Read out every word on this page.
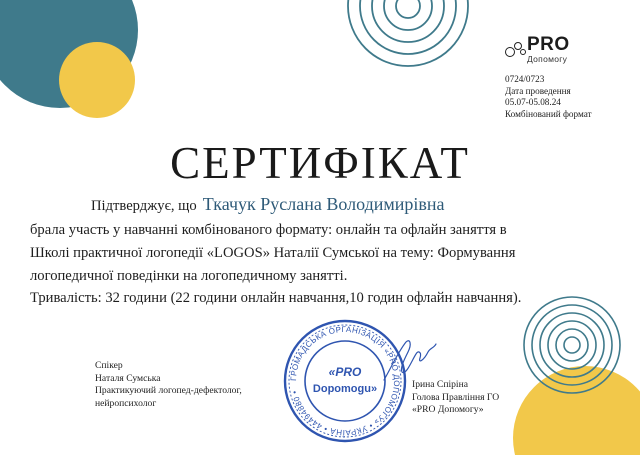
PRO
Допомогу
0724/0723
Дата проведення
05.07-05.08.24
Комбінований формат
СЕРТИФІКАТ
Підтверджує, що Ткачук Руслана Володимирівна
брала участь у навчанні комбінованого формату: онлайн та офлайн заняття в
Школі практичної логопедії «LOGOS» Наталії Сумської на тему: Формування
логопедичної поведінки на логопедичному занятті.
Тривалість: 32 години (22 години онлайн навчання,10 годин офлайн навчання).
Спікер
Наталя Сумська
Практикуючий логопед-дефектолог,
нейропсихолог
ГРОМАДСЬКА ОРГАНІЗАЦІЯ «PRO ДОПОМОГУ» • УКРАЇНА • 44494880 •
«PRO
Dopomogu»	Ірина Спіріна
Голова Правління ГО
«PRO Допомогу»
